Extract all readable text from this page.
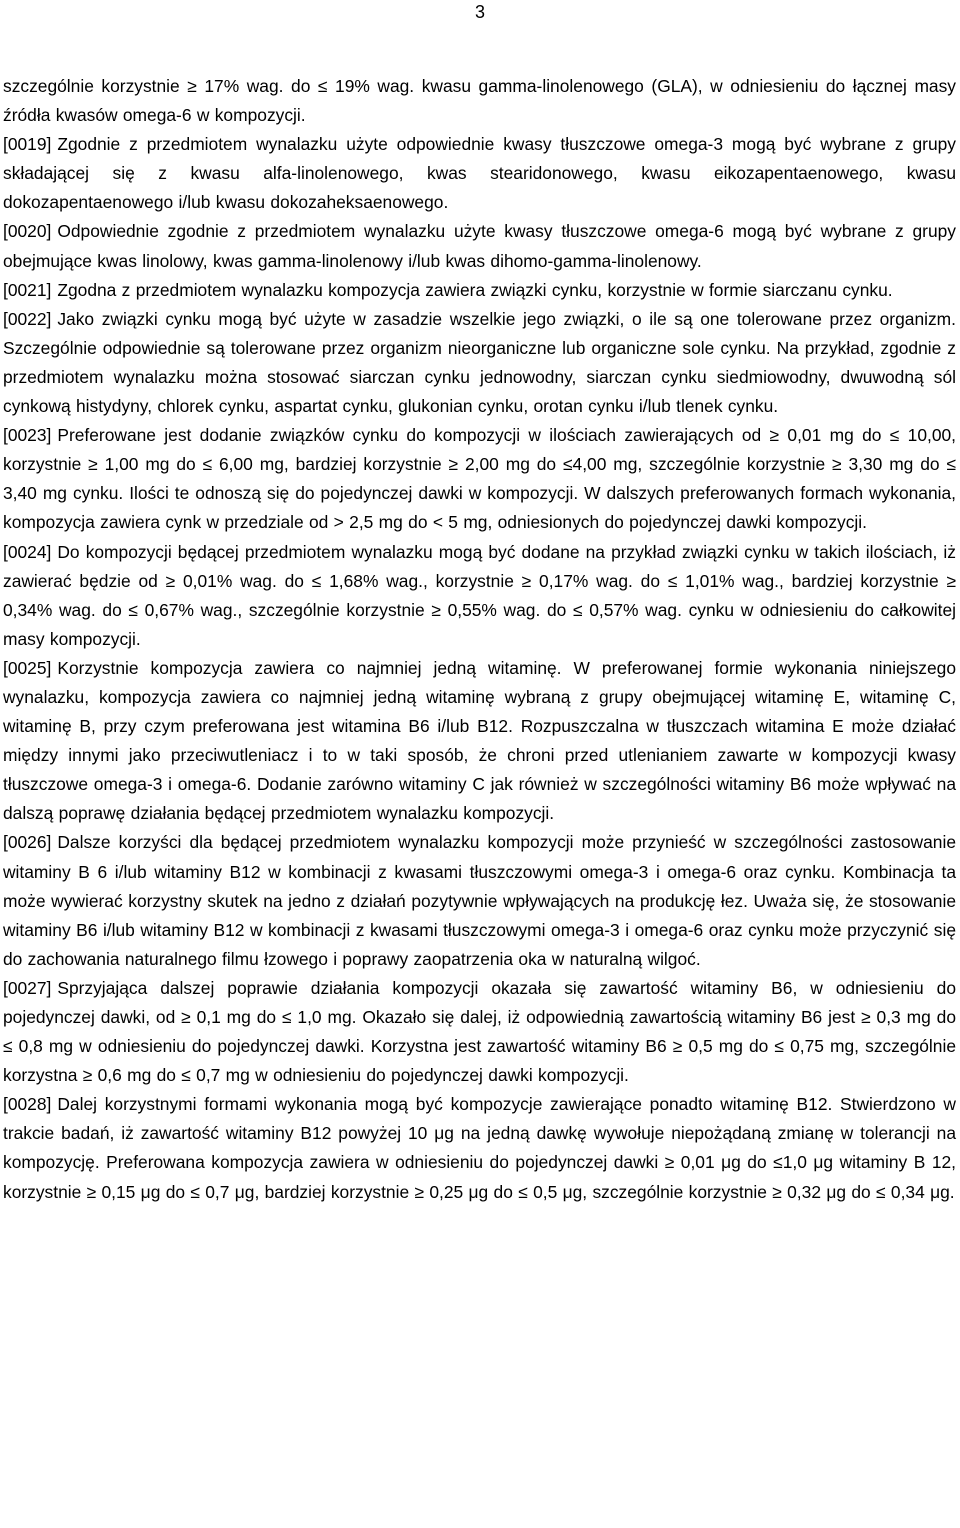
3

szczególnie korzystnie ≥ 17% wag. do ≤ 19% wag. kwasu gamma-linolenowego (GLA), w odniesieniu do łącznej masy źródła kwasów omega-6 w kompozycji.

[0019] Zgodnie z przedmiotem wynalazku użyte odpowiednie kwasy tłuszczowe omega-3 mogą być wybrane z grupy składającej się z kwasu alfa-linolenowego, kwas stearidonowego, kwasu eikozapentaenowego, kwasu dokozapentaenowego i/lub kwasu dokozaheksaenowego.

[0020] Odpowiednie zgodnie z przedmiotem wynalazku użyte kwasy tłuszczowe omega-6 mogą być wybrane z grupy obejmujące kwas linolowy, kwas gamma-linolenowy i/lub kwas dihomo-gamma-linolenowy.

[0021] Zgodna z przedmiotem wynalazku kompozycja zawiera związki cynku, korzystnie w formie siarczanu cynku.

[0022] Jako związki cynku mogą być użyte w zasadzie wszelkie jego związki, o ile są one tolerowane przez organizm. Szczególnie odpowiednie są tolerowane przez organizm nieorganiczne lub organiczne sole cynku. Na przykład, zgodnie z przedmiotem wynalazku można stosować siarczan cynku jednowodny, siarczan cynku siedmiowodny, dwuwodną sól cynkową histydyny, chlorek cynku, aspartat cynku, glukonian cynku, orotan cynku i/lub tlenek cynku.

[0023] Preferowane jest dodanie związków cynku do kompozycji w ilościach zawierających od ≥ 0,01 mg do ≤ 10,00, korzystnie ≥ 1,00 mg do ≤ 6,00 mg, bardziej korzystnie ≥ 2,00 mg do ≤4,00 mg, szczególnie korzystnie ≥ 3,30 mg do ≤ 3,40 mg cynku. Ilości te odnoszą się do pojedynczej dawki w kompozycji. W dalszych preferowanych formach wykonania, kompozycja zawiera cynk w przedziale od > 2,5 mg do < 5 mg, odniesionych do pojedynczej dawki kompozycji.

[0024] Do kompozycji będącej przedmiotem wynalazku mogą być dodane na przykład związki cynku w takich ilościach, iż zawierać będzie od ≥ 0,01% wag. do ≤ 1,68% wag., korzystnie ≥ 0,17% wag. do ≤ 1,01% wag., bardziej korzystnie ≥ 0,34% wag. do ≤ 0,67% wag., szczególnie korzystnie ≥ 0,55% wag. do ≤ 0,57% wag. cynku w odniesieniu do całkowitej masy kompozycji.

[0025] Korzystnie kompozycja zawiera co najmniej jedną witaminę. W preferowanej formie wykonania niniejszego wynalazku, kompozycja zawiera co najmniej jedną witaminę wybraną z grupy obejmującej witaminę E, witaminę C, witaminę B, przy czym preferowana jest witamina B6 i/lub B12. Rozpuszczalna w tłuszczach witamina E może działać między innymi jako przeciwutleniacz i to w taki sposób, że chroni przed utlenianiem zawarte w kompozycji kwasy tłuszczowe omega-3 i omega-6. Dodanie zarówno witaminy C jak również w szczególności witaminy B6 może wpływać na dalszą poprawę działania będącej przedmiotem wynalazku kompozycji.

[0026] Dalsze korzyści dla będącej przedmiotem wynalazku kompozycji może przynieść w szczególności zastosowanie witaminy B 6 i/lub witaminy B12 w kombinacji z kwasami tłuszczowymi omega-3 i omega-6 oraz cynku. Kombinacja ta może wywierać korzystny skutek na jedno z działań pozytywnie wpływających na produkcję łez. Uważa się, że stosowanie witaminy B6 i/lub witaminy B12 w kombinacji z kwasami tłuszczowymi omega-3 i omega-6 oraz cynku może przyczynić się do zachowania naturalnego filmu łzowego i poprawy zaopatrzenia oka w naturalną wilgoć.

[0027] Sprzyjająca dalszej poprawie działania kompozycji okazała się zawartość witaminy B6, w odniesieniu do pojedynczej dawki, od ≥ 0,1 mg do ≤ 1,0 mg. Okazało się dalej, iż odpowiednią zawartością witaminy B6 jest ≥ 0,3 mg do ≤ 0,8 mg w odniesieniu do pojedynczej dawki. Korzystna jest zawartość witaminy B6 ≥ 0,5 mg do ≤ 0,75 mg, szczególnie korzystna ≥ 0,6 mg do ≤ 0,7 mg w odniesieniu do pojedynczej dawki kompozycji.

[0028] Dalej korzystnymi formami wykonania mogą być kompozycje zawierające ponadto witaminę B12. Stwierdzono w trakcie badań, iż zawartość witaminy B12 powyżej 10 μg na jedną dawkę wywołuje niepożądaną zmianę w tolerancji na kompozycję. Preferowana kompozycja zawiera w odniesieniu do pojedynczej dawki ≥ 0,01 μg do ≤1,0 μg witaminy B 12, korzystnie ≥ 0,15 μg do ≤ 0,7 μg, bardziej korzystnie ≥ 0,25 μg do ≤ 0,5 μg, szczególnie korzystnie ≥ 0,32 μg do ≤ 0,34 μg.
